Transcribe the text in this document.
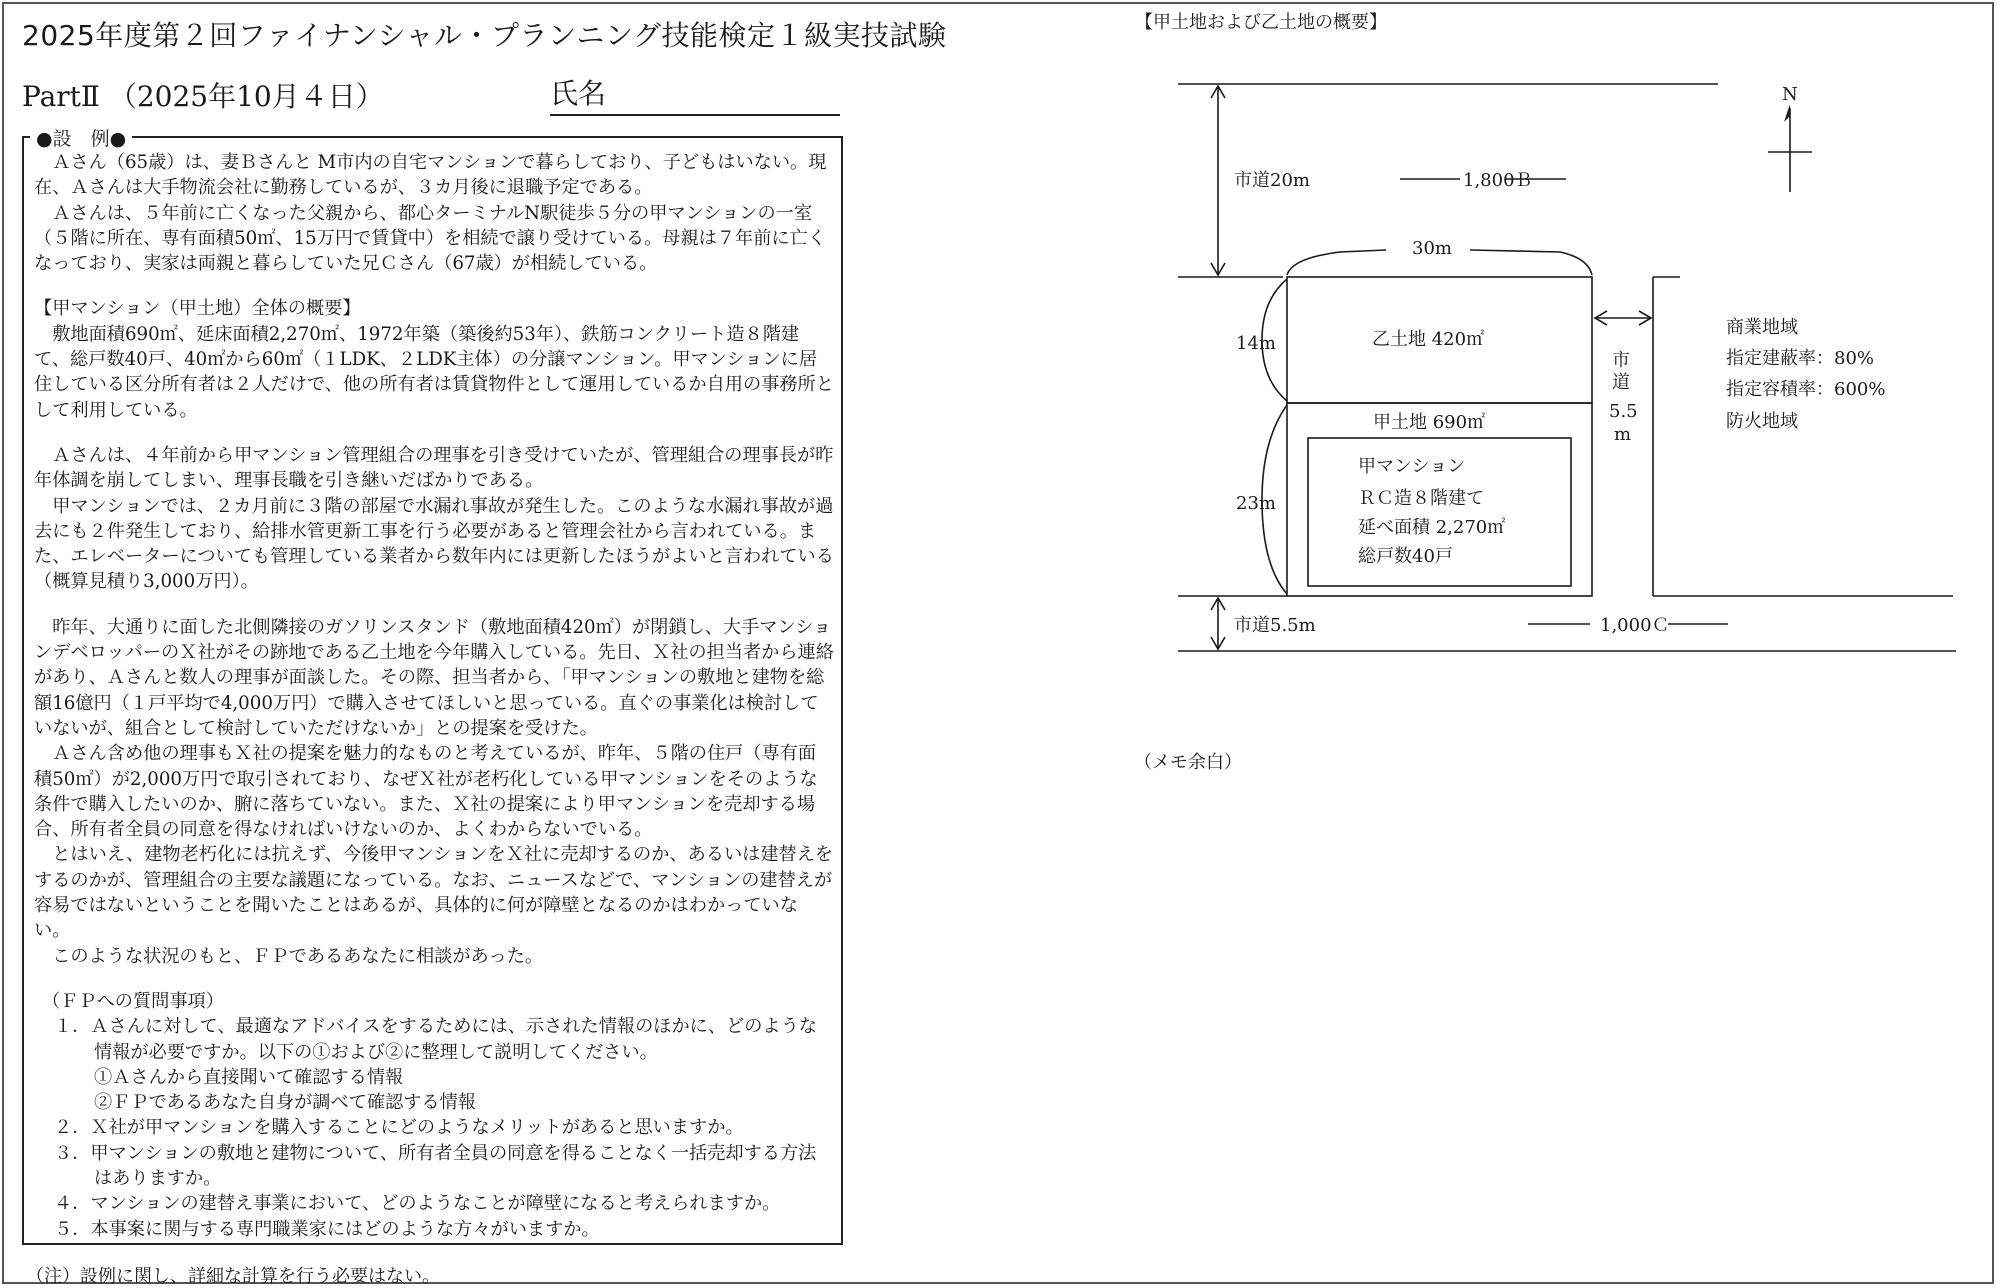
2025年度第２回ファイナンシャル・プランニング技能検定１級実技試験
PartⅡ （2025年10月４日）	氏名
●設　例●

Ａさん（65歳）は、妻Ｂさんと M市内の自宅マンションで暮らしており、子どもはいない。現在、Ａさんは大手物流会社に勤務しているが、３カ月後に退職予定である。

Ａさんは、５年前に亡くなった父親から、都心ターミナルN駅徒歩５分の甲マンションの一室（５階に所在、専有面積50㎡、15万円で賃貸中）を相続で譲り受けている。母親は７年前に亡くなっており、実家は両親と暮らしていた兄Ｃさん（67歳）が相続している。

【甲マンション（甲土地）全体の概要】

敷地面積690㎡、延床面積2,270㎡、1972年築（築後約53年）、鉄筋コンクリート造８階建て、総戸数40戸、40㎡から60㎡（１LDK、２LDK主体）の分譲マンション。甲マンションに居住している区分所有者は２人だけで、他の所有者は賃貸物件として運用しているか自用の事務所として利用している。

Ａさんは、４年前から甲マンション管理組合の理事を引き受けていたが、管理組合の理事長が昨年体調を崩してしまい、理事長職を引き継いだばかりである。

甲マンションでは、２カ月前に３階の部屋で水漏れ事故が発生した。このような水漏れ事故が過去にも２件発生しており、給排水管更新工事を行う必要があると管理会社から言われている。また、エレベーターについても管理している業者から数年内には更新したほうがよいと言われている（概算見積り3,000万円）。

昨年、大通りに面した北側隣接のガソリンスタンド（敷地面積420㎡）が閉鎖し、大手マンションデベロッパーのＸ社がその跡地である乙土地を今年購入している。先日、Ｘ社の担当者から連絡があり、Ａさんと数人の理事が面談した。その際、担当者から、「甲マンションの敷地と建物を総額16億円（１戸平均で4,000万円）で購入させてほしいと思っている。直ぐの事業化は検討していないが、組合として検討していただけないか」との提案を受けた。

Ａさん含め他の理事もＸ社の提案を魅力的なものと考えているが、昨年、５階の住戸（専有面積50㎡）が2,000万円で取引されており、なぜＸ社が老朽化している甲マンションをそのような条件で購入したいのか、腑に落ちていない。また、Ｘ社の提案により甲マンションを売却する場合、所有者全員の同意を得なければいけないのか、よくわからないでいる。

とはいえ、建物老朽化には抗えず、今後甲マンションをＸ社に売却するのか、あるいは建替えをするのかが、管理組合の主要な議題になっている。なお、ニュースなどで、マンションの建替えが容易ではないということを聞いたことはあるが、具体的に何が障壁となるのかはわかっていない。

このような状況のもと、ＦＰであるあなたに相談があった。

（ＦＰへの質問事項）

１．Ａさんに対して、最適なアドバイスをするためには、示された情報のほかに、どのような情報が必要ですか。以下の①および②に整理して説明してください。
①Ａさんから直接聞いて確認する情報
②ＦＰであるあなた自身が調べて確認する情報

２．Ｘ社が甲マンションを購入することにどのようなメリットがあると思いますか。

３．甲マンションの敷地と建物について、所有者全員の同意を得ることなく一括売却する方法はありますか。

４．マンションの建替え事業において、どのようなことが障壁になると考えられますか。

５．本事案に関与する専門職業家にはどのような方々がいますか。

（注）設例に関し、詳細な計算を行う必要はない。
【甲土地および乙土地の概要】
N
市道20m	1,800Ｂ
30m
14m
23m
乙土地 420㎡
甲土地 690㎡
甲マンション
ＲＣ造８階建て
延べ面積 2,270㎡
総戸数40戸
市
道
5.5
m
商業地域
指定建蔽率：80%
指定容積率：600%
防火地域
市道5.5m	1,000Ｃ
（メモ余白）
